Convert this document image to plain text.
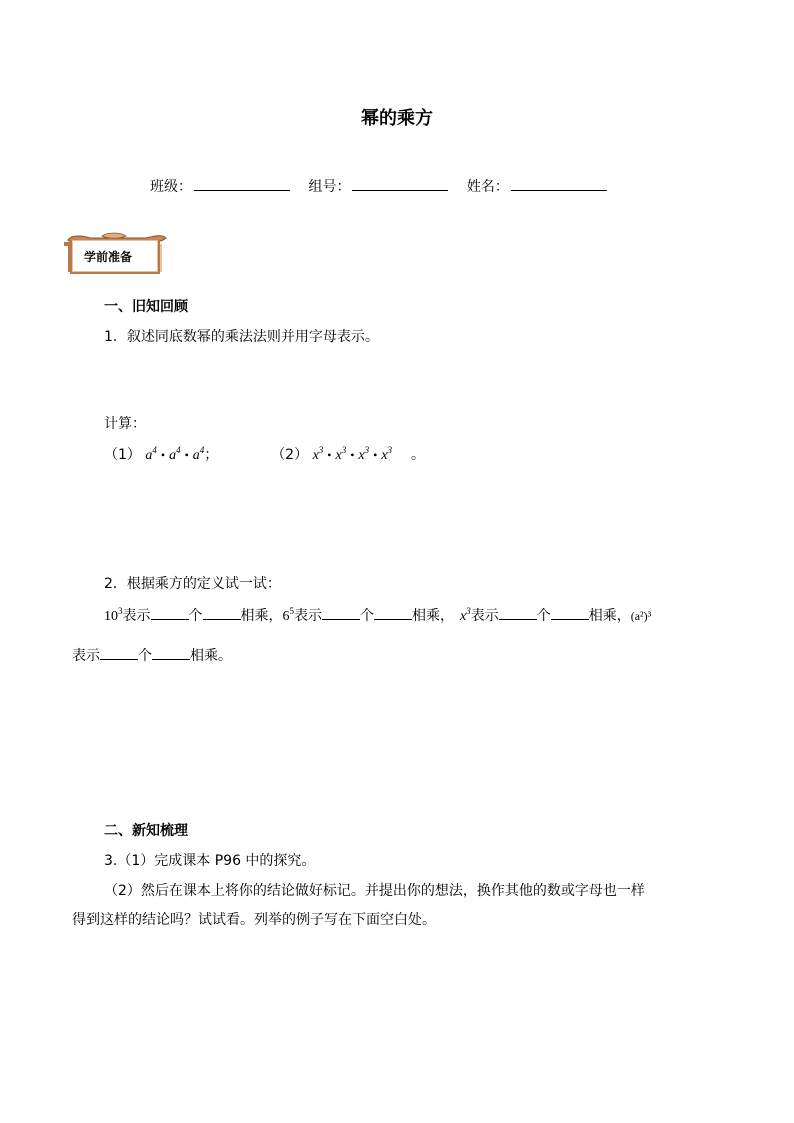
幂的乘方
班级：	组号：	姓名：
学前准备
一、旧知回顾
1．叙述同底数幂的乘法法则并用字母表示。
计算：
（1） $a^4$ • $a^4$ • $a^4$；	（2） $x^3$ • $x^3$ • $x^3$ • $x^3$ 。
2．根据乘方的定义试一试：
$10^3$表示	个	相乘，$6^5$表示	个	相乘， $x^3$表示	个	相乘，(a²)³
表示	个	相乘。
二、新知梳理
3.（1）完成课本 P96 中的探究。
（2）然后在课本上将你的结论做好标记。并提出你的想法，换作其他的数或字母也一样
得到这样的结论吗？试试看。列举的例子写在下面空白处。
